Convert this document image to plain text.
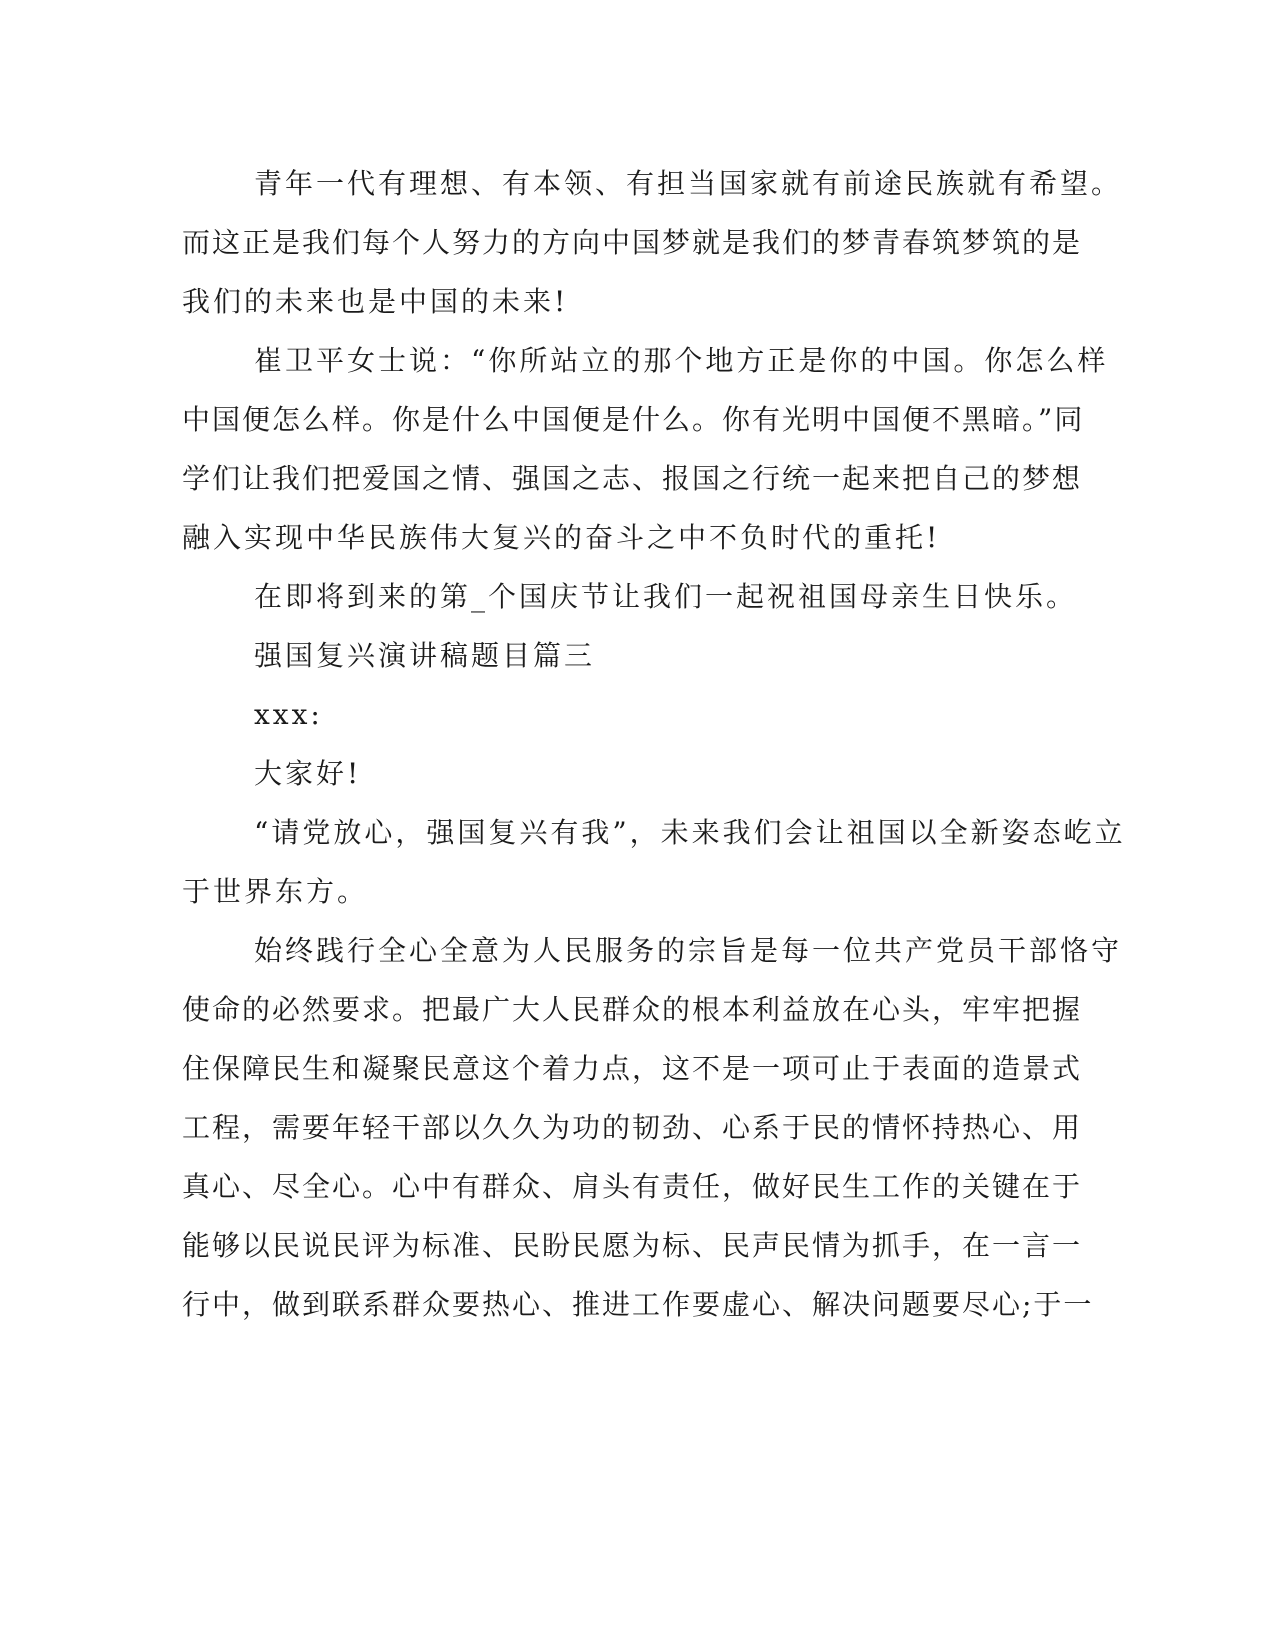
青年一代有理想、有本领、有担当国家就有前途民族就有希望。
而这正是我们每个人努力的方向中国梦就是我们的梦青春筑梦筑的是
我们的未来也是中国的未来!
崔卫平女士说：“你所站立的那个地方正是你的中国。你怎么样
中国便怎么样。你是什么中国便是什么。你有光明中国便不黑暗。”同
学们让我们把爱国之情、强国之志、报国之行统一起来把自己的梦想
融入实现中华民族伟大复兴的奋斗之中不负时代的重托!
在即将到来的第_个国庆节让我们一起祝祖国母亲生日快乐。
强国复兴演讲稿题目篇三
xxx:
大家好!
“请党放心，强国复兴有我”，未来我们会让祖国以全新姿态屹立
于世界东方。
始终践行全心全意为人民服务的宗旨是每一位共产党员干部恪守
使命的必然要求。把最广大人民群众的根本利益放在心头，牢牢把握
住保障民生和凝聚民意这个着力点，这不是一项可止于表面的造景式
工程，需要年轻干部以久久为功的韧劲、心系于民的情怀持热心、用
真心、尽全心。心中有群众、肩头有责任，做好民生工作的关键在于
能够以民说民评为标准、民盼民愿为标、民声民情为抓手，在一言一
行中，做到联系群众要热心、推进工作要虚心、解决问题要尽心;于一
